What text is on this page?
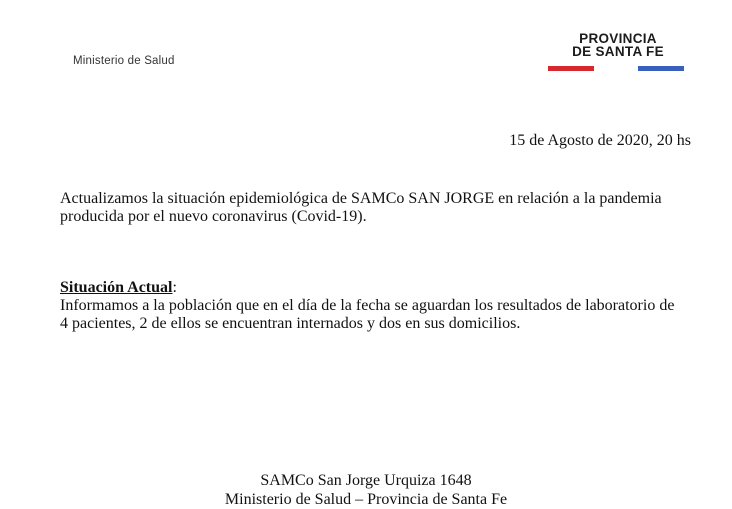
Ministerio de Salud
PROVINCIA
DE SANTA FE
15 de Agosto de 2020, 20 hs
Actualizamos la situación epidemiológica de SAMCo SAN JORGE en relación a la pandemia producida por el nuevo coronavirus (Covid-19).
Situación Actual:
Informamos a la población que en el día de la fecha se aguardan los resultados de laboratorio de 4 pacientes, 2 de ellos se encuentran internados y dos en sus domicilios.
SAMCo San Jorge Urquiza 1648
Ministerio de Salud – Provincia de Santa Fe
